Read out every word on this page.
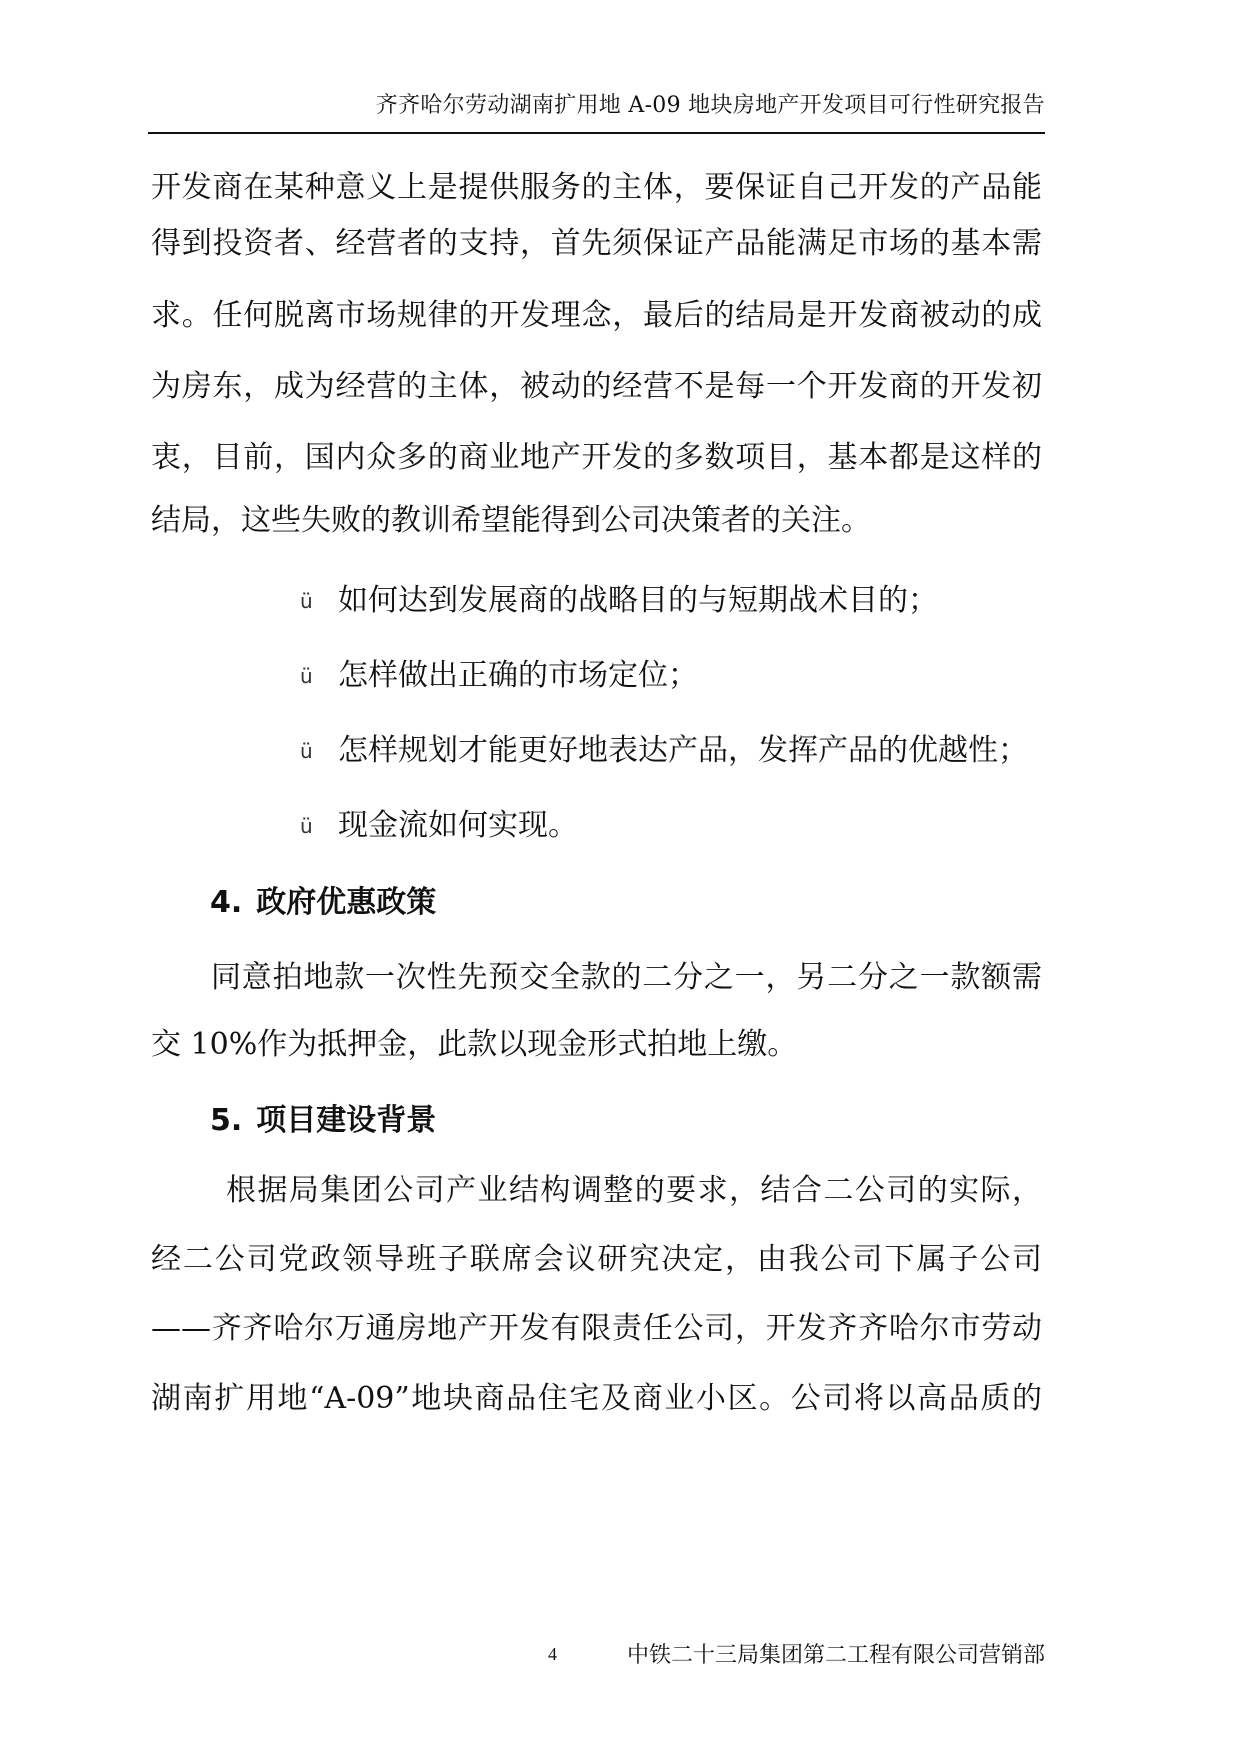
齐齐哈尔劳动湖南扩用地 A-09 地块房地产开发项目可行性研究报告
开发商在某种意义上是提供服务的主体，要保证自己开发的产品能
得到投资者、经营者的支持，首先须保证产品能满足市场的基本需
求。任何脱离市场规律的开发理念，最后的结局是开发商被动的成
为房东，成为经营的主体，被动的经营不是每一个开发商的开发初
衷，目前，国内众多的商业地产开发的多数项目，基本都是这样的
结局，这些失败的教训希望能得到公司决策者的关注。
ü 如何达到发展商的战略目的与短期战术目的；
ü 怎样做出正确的市场定位；
ü 怎样规划才能更好地表达产品，发挥产品的优越性；
ü 现金流如何实现。
4. 政府优惠政策
同意拍地款一次性先预交全款的二分之一，另二分之一款额需
交 10%作为抵押金，此款以现金形式拍地上缴。
5. 项目建设背景
根据局集团公司产业结构调整的要求，结合二公司的实际，
经二公司党政领导班子联席会议研究决定，由我公司下属子公司
——齐齐哈尔万通房地产开发有限责任公司，开发齐齐哈尔市劳动
湖南扩用地“A-09”地块商品住宅及商业小区。公司将以高品质的
4	中铁二十三局集团第二工程有限公司营销部
